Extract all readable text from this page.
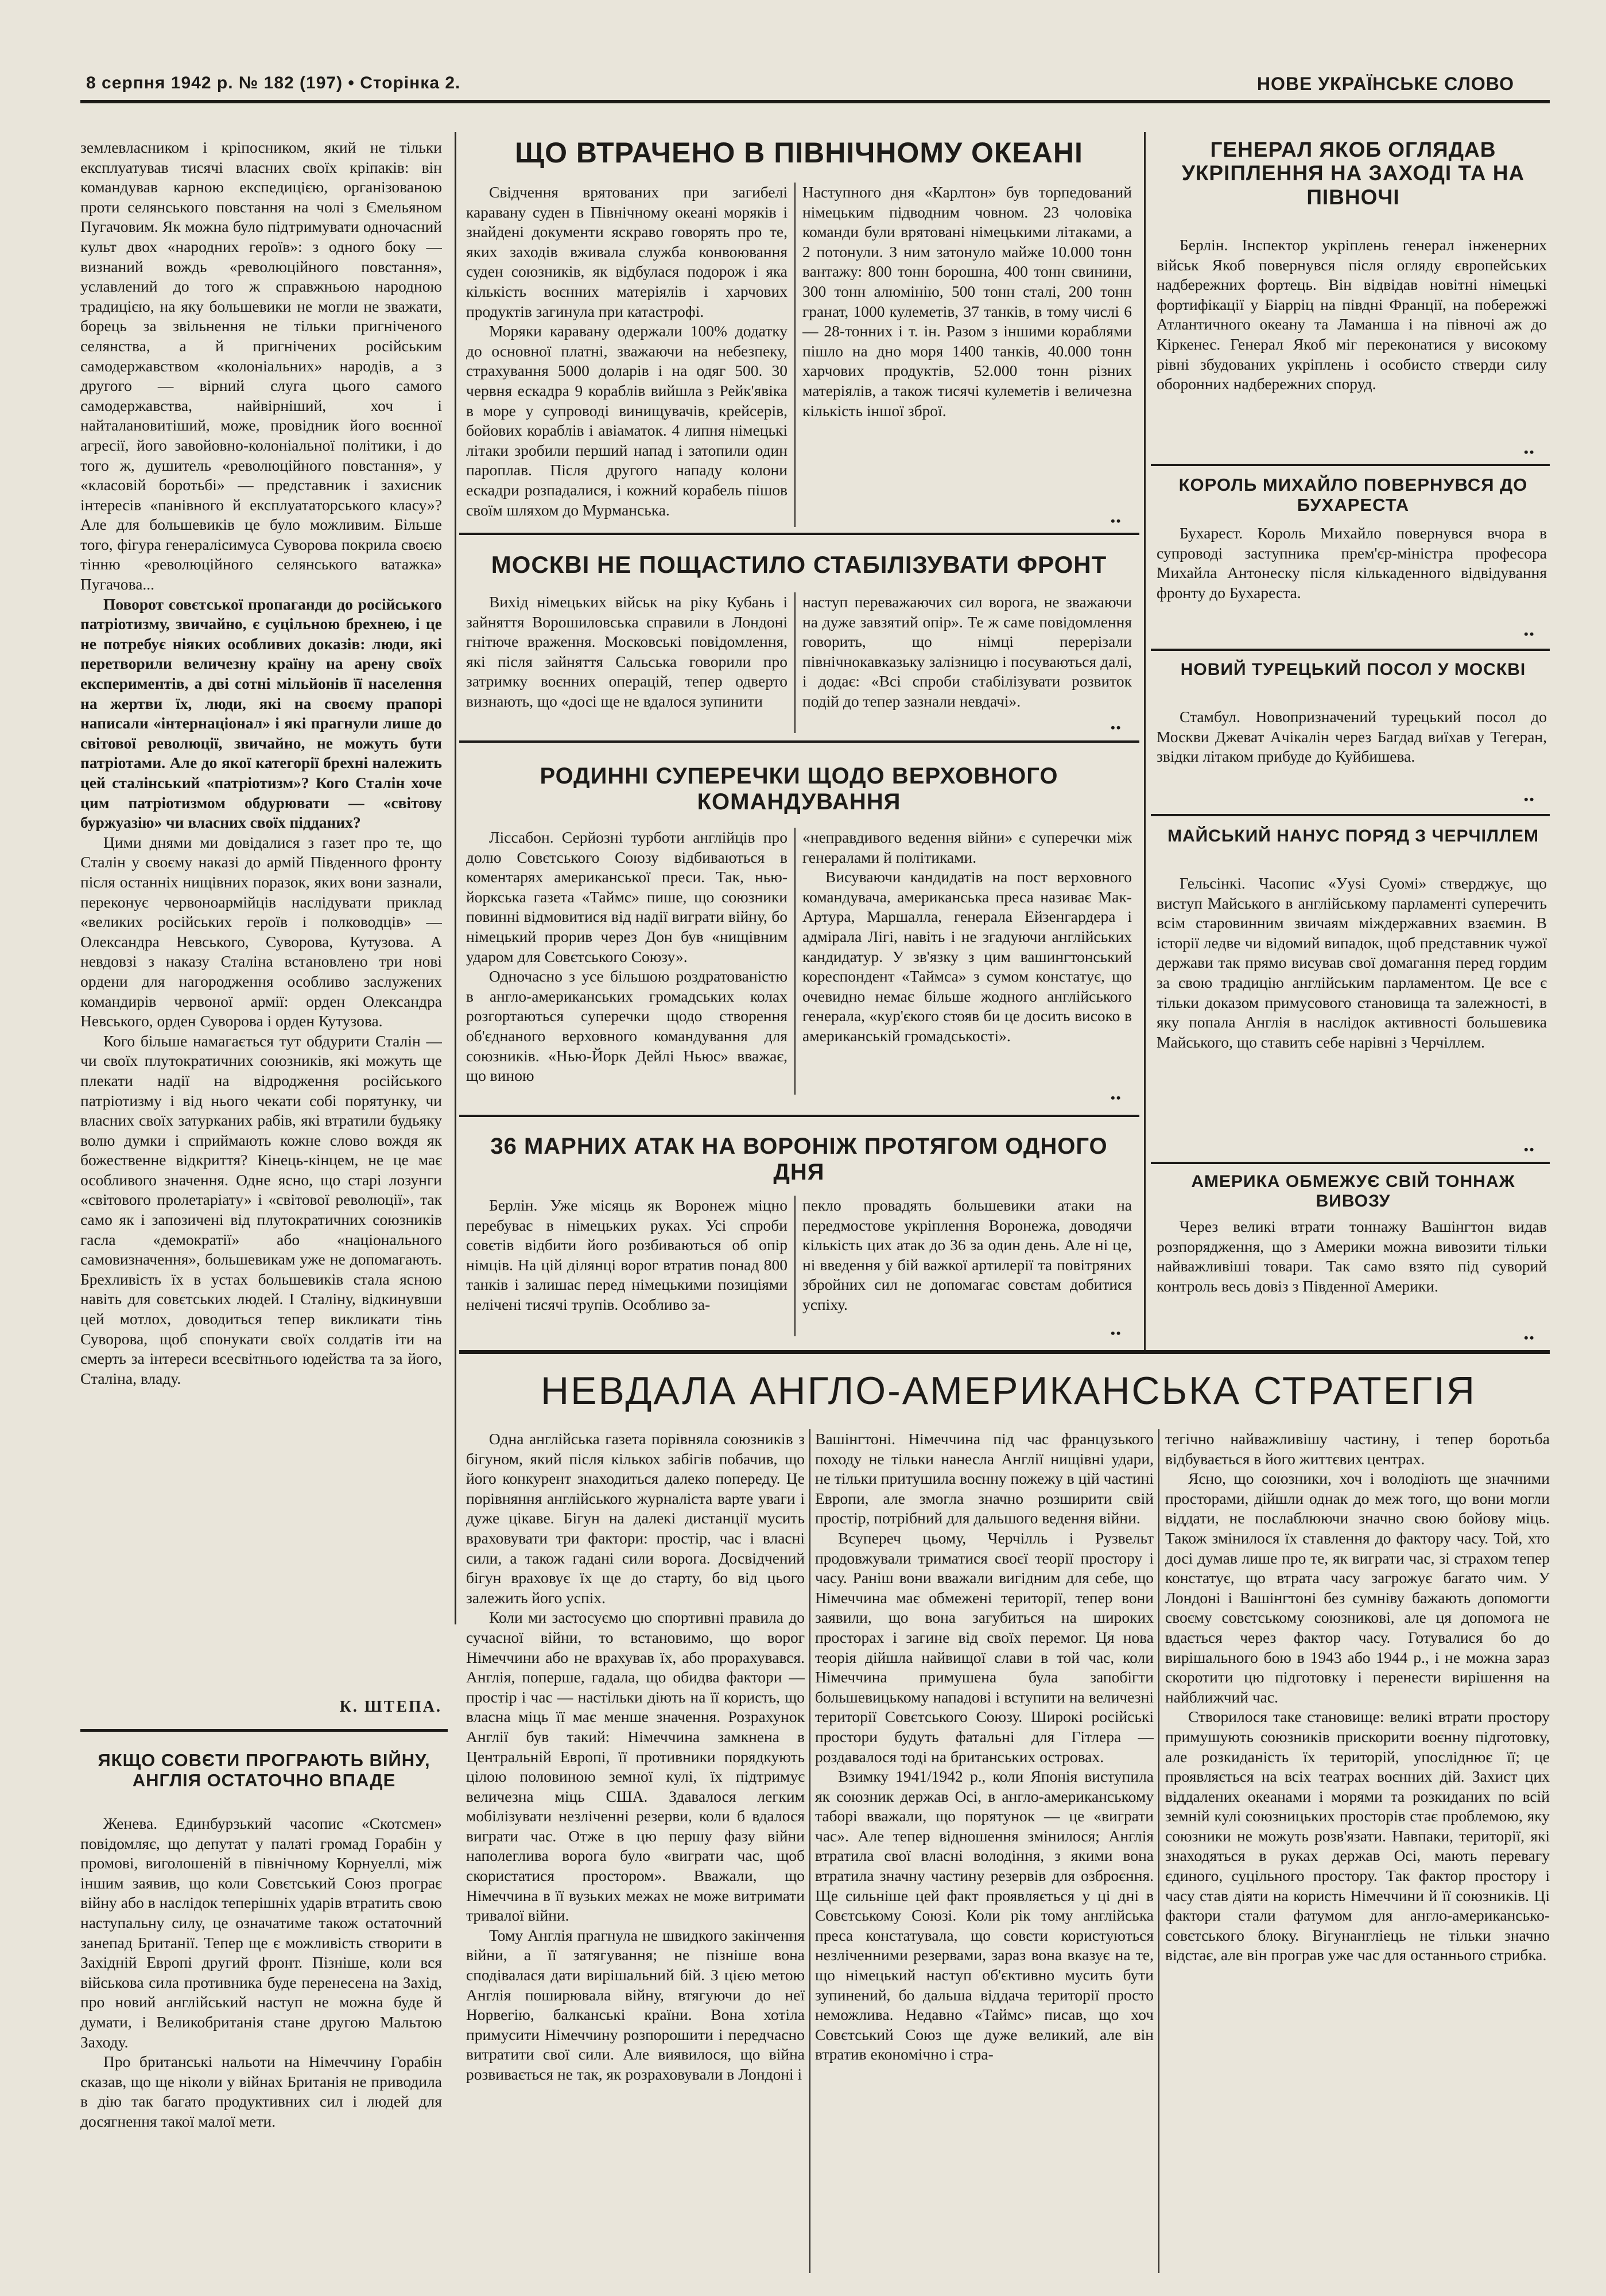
8 серпня 1942 р. № 182 (197) • Сторінка 2.	НОВЕ УКРАЇНСЬКЕ СЛОВО

землевласником і кріпосником, який не тільки експлуатував тисячі власних своїх кріпаків: він командував карною експедицією, організованою проти селянського повстання на чолі з Ємельяном Пугачовим. Як можна було підтримувати одночасний культ двох «народних героїв»: з одного боку — визнаний вождь «революційного повстання», уславлений до того ж справжньою народною традицією, на яку большевики не могли не зважати, борець за звільнення не тільки пригніченого селянства, а й пригнічених російським самодержавством «колоніальних» народів, а з другого — вірний слуга цього самого самодержавства, найвірніший, хоч і найталановитіший, може, провідник його воєнної агресії, його завойовно-колоніальної політики, і до того ж, душитель «революційного повстання», у «класовій боротьбі» — представник і захисник інтересів «панівного й експлуататорського класу»? Але для большевиків це було можливим. Більше того, фігура генералісимуса Суворова покрила своєю тінню «революційного селянського ватажка» Пугачова...

Поворот совєтської пропаганди до російського патріотизму, звичайно, є суцільною брехнею, і це не потребує ніяких особливих доказів: люди, які перетворили величезну країну на арену своїх експериментів, а дві сотні мільйонів її населення на жертви їх, люди, які на своєму прапорі написали «інтернаціонал» і які прагнули лише до світової революції, звичайно, не можуть бути патріотами. Але до якої категорії брехні належить цей сталінський «патріотизм»? Кого Сталін хоче цим патріотизмом обдурювати — «світову буржуазію» чи власних своїх підданих?

Цими днями ми довідалися з газет про те, що Сталін у своєму наказі до армій Південного фронту після останніх нищівних поразок, яких вони зазнали, переконує червоноармійців наслідувати приклад «великих російських героїв і полководців» — Олександра Невського, Суворова, Кутузова. А невдовзі з наказу Сталіна встановлено три нові ордени для нагородження особливо заслужених командирів червоної армії: орден Олександра Невського, орден Суворова і орден Кутузова.

Кого більше намагається тут обдурити Сталін — чи своїх плутократичних союзників, які можуть ще плекати надії на відродження російського патріотизму і від нього чекати собі порятунку, чи власних своїх затурканих рабів, які втратили будьяку волю думки і сприймають кожне слово вождя як божественне відкриття? Кінець-кінцем, не це має особливого значення. Одне ясно, що старі лозунги «світового пролетаріату» і «світової революції», так само як і запозичені від плутократичних союзників гасла «демократії» або «національного самовизначення», большевикам уже не допомагають. Брехливість їх в устах большевиків стала ясною навіть для совєтських людей. І Сталіну, відкинувши цей мотлох, доводиться тепер викликати тінь Суворова, щоб спонукати своїх солдатів іти на смерть за інтереси всесвітнього юдейства та за його, Сталіна, владу.

К. ШТЕПА.
ЯКЩО СОВЄТИ ПРОГРАЮТЬ ВІЙНУ, АНГЛІЯ ОСТАТОЧНО ВПАДЕ

Женева. Единбурзький часопис «Скотсмен» повідомляє, що депутат у палаті громад Горабін у промові, виголошеній в північному Корнуеллі, між іншим заявив, що коли Совєтський Союз програє війну або в наслідок теперішніх ударів втратить свою наступальну силу, це означатиме також остаточний занепад Британії. Тепер ще є можливість створити в Західній Европі другий фронт. Пізніше, коли вся військова сила противника буде перенесена на Захід, про новий англійський наступ не можна буде й думати, і Великобританія стане другою Мальтою Заходу.

Про британські нальоти на Німеччину Горабін сказав, що ще ніколи у війнах Британія не приводила в дію так багато продуктивних сил і людей для досягнення такої малої мети.

ЩО ВТРАЧЕНО В ПІВНІЧНОМУ ОКЕАНІ

Свідчення врятованих при загибелі каравану суден в Північному океані моряків і знайдені документи яскраво говорять про те, яких заходів вживала служба конвоювання суден союзників, як відбулася подорож і яка кількість воєнних матеріялів і харчових продуктів загинула при катастрофі.

Моряки каравану одержали 100% додатку до основної платні, зважаючи на небезпеку, страхування 5000 доларів і на одяг 500. 30 червня ескадра 9 кораблів вийшла з Рейк'явіка в море у супроводі винищувачів, крейсерів, бойових кораблів і авіаматок. 4 липня німецькі літаки зробили перший напад і затопили один пароплав. Після другого нападу колони ескадри розпадалися, і кожний корабель пішов своїм шляхом до Мурманська.

Наступного дня «Карлтон» був торпедований німецьким підводним човном. 23 чоловіка команди були врятовані німецькими літаками, а 2 потонули. З ним затонуло майже 10.000 тонн вантажу: 800 тонн борошна, 400 тонн свинини, 300 тонн алюмінію, 500 тонн сталі, 200 тонн гранат, 1000 кулеметів, 37 танків, в тому числі 6 — 28-тонних і т. ін. Разом з іншими кораблями пішло на дно моря 1400 танків, 40.000 тонн харчових продуктів, 52.000 тонн різних матеріялів, а також тисячі кулеметів і величезна кількість іншої зброї.

••
МОСКВІ НЕ ПОЩАСТИЛО СТАБІЛІЗУВАТИ ФРОНТ

Вихід німецьких військ на ріку Кубань і зайняття Ворошиловська справили в Лондоні гнітюче враження. Московські повідомлення, які після зайняття Сальська говорили про затримку воєнних операцій, тепер одверто визнають, що «досі ще не вдалося зупинити

наступ переважаючих сил ворога, не зважаючи на дуже завзятий опір». Те ж саме повідомлення говорить, що німці перерізали північнокавказьку залізницю і посуваються далі, і додає: «Всі спроби стабілізувати розвиток подій до тепер зазнали невдачі».

••
РОДИННІ СУПЕРЕЧКИ ЩОДО ВЕРХОВНОГО КОМАНДУВАННЯ

Ліссабон. Серйозні турботи англійців про долю Совєтського Союзу відбиваються в коментарях американської преси. Так, нью-йоркська газета «Таймс» пише, що союзники повинні відмовитися від надії виграти війну, бо німецький прорив через Дон був «нищівним ударом для Совєтського Союзу».

Одночасно з усе більшою роздратованістю в англо-американських громадських колах розгортаються суперечки щодо створення об'єднаного верховного командування для союзників. «Нью-Йорк Дейлі Ньюс» вважає, що виною

«неправдивого ведення війни» є суперечки між генералами й політиками.

Висуваючи кандидатів на пост верховного командувача, американська преса називає Мак-Артура, Маршалла, генерала Ейзенгардера і адмірала Лігі, навіть і не згадуючи англійських кандидатур. У зв'язку з цим вашингтонський кореспондент «Таймса» з сумом констатує, що очевидно немає більше жодного англійського генерала, «кур'єкого стояв би це досить високо в американській громадськості».

••
36 МАРНИХ АТАК НА ВОРОНІЖ ПРОТЯГОМ ОДНОГО ДНЯ

Берлін. Уже місяць як Воронеж міцно перебуває в німецьких руках. Усі спроби совєтів відбити його розбиваються об опір німців. На цій ділянці ворог втратив понад 800 танків і залишає перед німецькими позиціями нелічені тисячі трупів. Особливо за-

пекло провадять большевики атаки на передмостове укріплення Воронежа, доводячи кількість цих атак до 36 за один день. Але ні це, ні введення у бій важкої артилерії та повітряних збройних сил не допомагає совєтам добитися успіху.

••
ГЕНЕРАЛ ЯКОБ ОГЛЯДАВ УКРІПЛЕННЯ НА ЗАХОДІ ТА НА ПІВНОЧІ

Берлін. Інспектор укріплень генерал інженерних військ Якоб повернувся після огляду європейських надбережних фортець. Він відвідав новітні німецькі фортифікації у Біарріц на півдні Франції, на побережжі Атлантичного океану та Ламанша і на півночі аж до Кіркенес. Генерал Якоб міг переконатися у високому рівні збудованих укріплень і особисто стверди силу оборонних надбережних споруд.

••
КОРОЛЬ МИХАЙЛО ПОВЕРНУВСЯ ДО БУХАРЕСТА

Бухарест. Король Михайло повернувся вчора в супроводі заступника прем'єр-міністра професора Михайла Антонеску після кількаденного відвідування фронту до Бухареста.

••
НОВИЙ ТУРЕЦЬКИЙ ПОСОЛ У МОСКВІ

Стамбул. Новопризначений турецький посол до Москви Джеват Ачікалін через Багдад виїхав у Тегеран, звідки літаком прибуде до Куйбишева.

••
МАЙСЬКИЙ НАНУС ПОРЯД З ЧЕРЧІЛЛЕМ

Гельсінкі. Часопис «Ууsі Суомі» стверджує, що виступ Майського в англійському парламенті суперечить всім старовинним звичаям міждержавних взаємин. В історії ледве чи відомий випадок, щоб представник чужої держави так прямо висував свої домагання перед гордим за свою традицію англійським парламентом. Це все є тільки доказом примусового становища та залежності, в яку попала Англія в наслідок активності большевика Майського, що ставить себе нарівні з Черчіллем.

••
АМЕРИКА ОБМЕЖУЄ СВІЙ ТОННАЖ ВИВОЗУ

Через великі втрати тоннажу Вашінгтон видав розпорядження, що з Америки можна вивозити тільки найважливіші товари. Так само взято під суворий контроль весь довіз з Південної Америки.

••
НЕВДАЛА АНГЛО-АМЕРИКАНСЬКА СТРАТЕГІЯ

Одна англійська газета порівняла союзників з бігуном, який після кількох забігів побачив, що його конкурент знаходиться далеко попереду. Це порівняння англійського журналіста варте уваги і дуже цікаве. Бігун на далекі дистанції мусить враховувати три фактори: простір, час і власні сили, а також гадані сили ворога. Досвідчений бігун враховує їх ще до старту, бо від цього залежить його успіх.

Коли ми застосуємо цю спортивні правила до сучасної війни, то встановимо, що ворог Німеччини або не врахував їх, або прорахувався. Англія, поперше, гадала, що обидва фактори — простір і час — настільки діють на її користь, що власна міць її має менше значення. Розрахунок Англії був такий: Німеччина замкнена в Центральній Европі, її противники порядкують цілою половиною земної кулі, їх підтримує величезна міць США. Здавалося легким мобілізувати незліченні резерви, коли б вдалося виграти час. Отже в цю першу фазу війни наполеглива ворога було «виграти час, щоб скористатися простором». Вважали, що Німеччина в її вузьких межах не може витримати тривалої війни.

Тому Англія прагнула не швидкого закінчення війни, а її затягування; не пізніше вона сподівалася дати вирішальний бій. З цією метою Англія поширювала війну, втягуючи до неї Норвегію, балканські країни. Вона хотіла примусити Німеччину розпорошити і передчасно витратити свої сили. Але виявилося, що війна розвивається не так, як розраховували в Лондоні і

Вашінгтоні. Німеччина під час французького походу не тільки нанесла Англії нищівні удари, не тільки притушила воєнну пожежу в цій частині Европи, але змогла значно розширити свій простір, потрібний для дальшого ведення війни.

Всупереч цьому, Черчілль і Рузвельт продовжували триматися своєї теорії простору і часу. Раніш вони вважали вигідним для себе, що Німеччина має обмежені території, тепер вони заявили, що вона загубиться на широких просторах і загине від своїх перемог. Ця нова теорія дійшла найвищої слави в той час, коли Німеччина примушена була запобігти большевицькому нападові і вступити на величезні території Совєтського Союзу. Широкі російські простори будуть фатальні для Гітлера — роздавалося тоді на британських островах.

Взимку 1941/1942 р., коли Японія виступила як союзник держав Осі, в англо-американському таборі вважали, що порятунок — це «виграти час». Але тепер відношення змінилося; Англія втратила свої власні володіння, з якими вона втратила значну частину резервів для озброєння. Ще сильніше цей факт проявляється у ці дні в Совєтському Союзі. Коли рік тому англійська преса констатувала, що совєти користуються незліченними резервами, зараз вона вказує на те, що німецький наступ об'єктивно мусить бути зупинений, бо дальша віддача території просто неможлива. Недавно «Таймс» писав, що хоч Совєтський Союз ще дуже великий, але він втратив економічно і стра-

тегічно найважливішу частину, і тепер боротьба відбувається в його життєвих центрах.

Ясно, що союзники, хоч і володіють ще значними просторами, дійшли однак до меж того, що вони могли віддати, не послаблюючи значно свою бойову міць. Також змінилося їх ставлення до фактору часу. Той, хто досі думав лише про те, як виграти час, зі страхом тепер констатує, що втрата часу загрожує багато чим. У Лондоні і Вашінгтоні без сумніву бажають допомогти своєму совєтському союзникові, але ця допомога не вдається через фактор часу. Готувалися бо до вирішального бою в 1943 або 1944 р., і не можна зараз скоротити цю підготовку і перенести вирішення на найближчий час.

Створилося таке становище: великі втрати простору примушують союзників прискорити воєнну підготовку, але розкиданість їх територій, упосліднює її; це проявляється на всіх театрах воєнних дій. Захист цих віддалених океанами і морями та розкиданих по всій земній кулі союзницьких просторів стає проблемою, яку союзники не можуть розв'язати. Навпаки, території, які знаходяться в руках держав Осі, мають перевагу єдиного, суцільного простору. Так фактор простору і часу став діяти на користь Німеччини й її союзників. Ці фактори стали фатумом для англо-американсько-совєтського блоку. Вігунангліець не тільки значно відстає, але він програв уже час для останнього стрибка.
